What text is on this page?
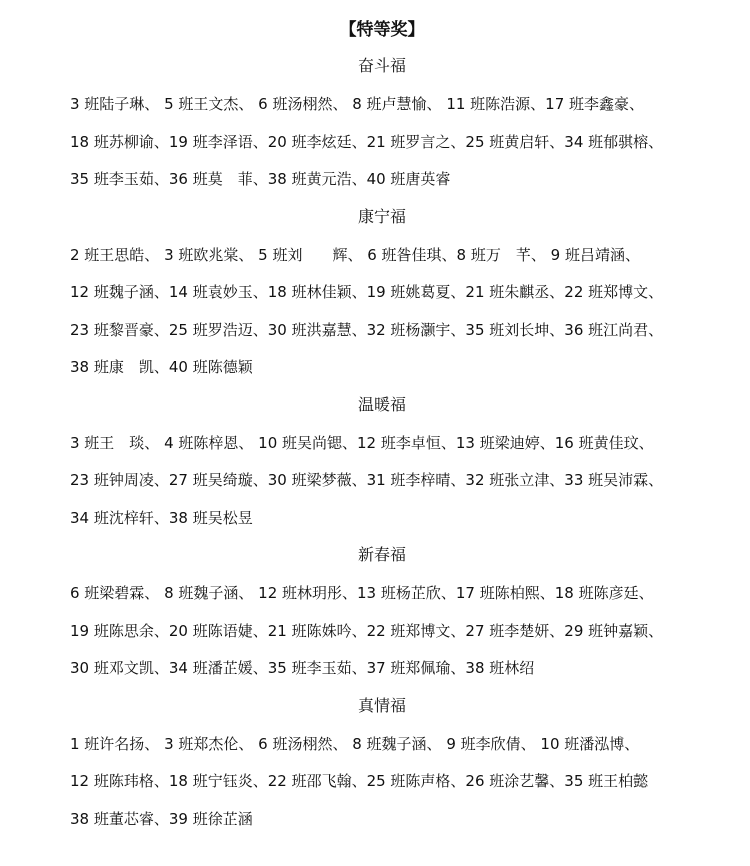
【特等奖】
奋斗福
3 班陆子琳、 5 班王文杰、 6 班汤栩然、 8 班卢慧愉、 11 班陈浩源、17 班李鑫豪、
18 班苏柳谕、19 班李泽语、20 班李炫廷、21 班罗言之、25 班黄启轩、34 班郁骐榕、
35 班李玉茹、36 班莫　菲、38 班黄元浩、40 班唐英睿
康宁福
2 班王思皓、 3 班欧兆棠、 5 班刘　　辉、 6 班昝佳琪、8 班万　芊、 9 班吕靖涵、
12 班魏子涵、14 班袁妙玉、18 班林佳颖、19 班姚葛夏、21 班朱麒丞、22 班郑博文、
23 班黎晋豪、25 班罗浩迈、30 班洪嘉慧、32 班杨灏宇、35 班刘长坤、36 班江尚君、
38 班康　凯、40 班陈德颖
温暖福
3 班王　琰、 4 班陈梓恩、 10 班吴尚锶、12 班李卓恒、13 班梁迪婷、16 班黄佳玟、
23 班钟周凌、27 班吴绮璇、30 班梁梦薇、31 班李梓晴、32 班张立津、33 班吴沛霖、
34 班沈梓轩、38 班吴松昱
新春福
6 班梁碧霖、 8 班魏子涵、 12 班林玥彤、13 班杨芷欣、17 班陈柏熙、18 班陈彦廷、
19 班陈思余、20 班陈语婕、21 班陈姝吟、22 班郑博文、27 班李楚妍、29 班钟嘉颖、
30 班邓文凯、34 班潘芷媛、35 班李玉茹、37 班郑佩瑜、38 班林绍
真情福
1 班许名扬、 3 班郑杰伦、 6 班汤栩然、 8 班魏子涵、 9 班李欣倩、 10 班潘泓博、
12 班陈玮格、18 班宁钰炎、22 班邵飞翰、25 班陈声格、26 班涂艺馨、35 班王柏懿
38 班董芯睿、39 班徐芷涵
